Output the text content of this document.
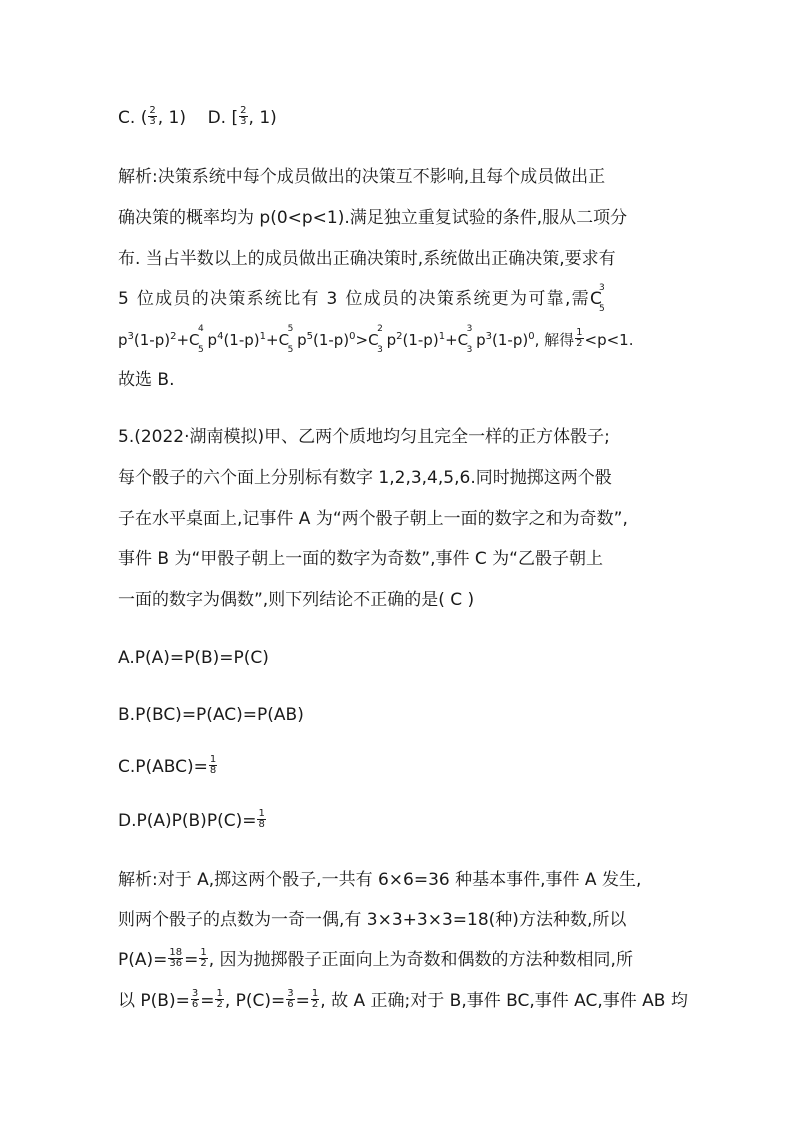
C. ( $\frac{2}{3}$ , 1) D. [ $\frac{2}{3}$ , 1)
解析:决策系统中每个成员做出的决策互不影响,且每个成员做出正
确决策的概率均为 p(0<p<1).满足独立重复试验的条件,服从二项分
布. 当占半数以上的成员做出正确决策时,系统做出正确决策,要求有
5 位成员的决策系统比有 3 位成员的决策系统更为可靠,需C
3
5
$p^3(1-p)^2+C$
4
5
$p^4(1-p)^1+C$
5
5
$p^5(1-p)^0>C$
2
3
$p^2(1-p)^1+C$
3
3
$p^3(1-p)^0$, 解得 $\frac{1}{2} <p<1$.
故选 B.
5.(2022·湖南模拟)甲、乙两个质地均匀且完全一样的正方体骰子;
每个骰子的六个面上分别标有数字 1,2,3,4,5,6.同时抛掷这两个骰
子在水平桌面上,记事件 A 为“两个骰子朝上一面的数字之和为奇数”,
事件 B 为“甲骰子朝上一面的数字为奇数”,事件 C 为“乙骰子朝上
一面的数字为偶数”,则下列结论不正确的是( C )
A.P(A)=P(B)=P(C)
B.P(BC)=P(AC)=P(AB)
$C.P(ABC)= \frac{1}{8}$
$D.P(A)P(B)P(C)= \frac{1}{8}$
解析:对于 A,掷这两个骰子,一共有 6×6=36 种基本事件,事件 A 发生,
则两个骰子的点数为一奇一偶,有 3×3+3×3=18(种)方法种数,所以
$P(A)= \frac{18}{36} = \frac{1}{2}$ , 因为抛掷骰子正面向上为奇数和偶数的方法种数相同,所
以 $P(B)= \frac{3}{6} = \frac{1}{2}$ , $P(C)= \frac{3}{6} = \frac{1}{2}$ , 故 A 正确;对于 B,事件 BC,事件 AC,事件 AB 均
